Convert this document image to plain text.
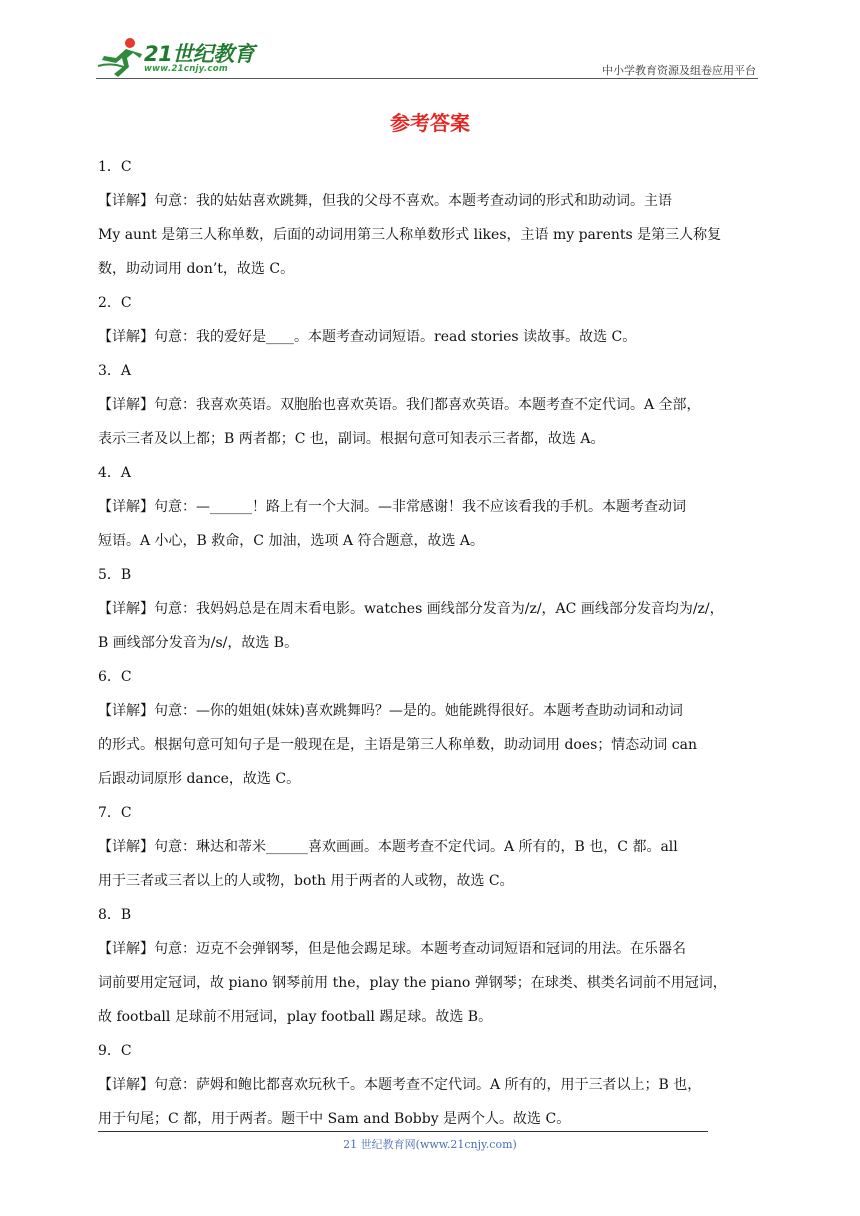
21世纪教育
www.21cnjy.com	中小学教育资源及组卷应用平台
参考答案

1．C

【详解】句意：我的姑姑喜欢跳舞，但我的父母不喜欢。本题考查动词的形式和助动词。主语

My aunt 是第三人称单数，后面的动词用第三人称单数形式 likes，主语 my parents 是第三人称复

数，助动词用 don’t，故选 C。

2．C

【详解】句意：我的爱好是____。本题考查动词短语。read stories 读故事。故选 C。

3．A

【详解】句意：我喜欢英语。双胞胎也喜欢英语。我们都喜欢英语。本题考查不定代词。A 全部，

表示三者及以上都；B 两者都；C 也，副词。根据句意可知表示三者都，故选 A。

4．A

【详解】句意：—______！路上有一个大洞。—非常感谢！我不应该看我的手机。本题考查动词

短语。A 小心，B 救命，C 加油，选项 A 符合题意，故选 A。

5．B

【详解】句意：我妈妈总是在周末看电影。watches 画线部分发音为/z/，AC 画线部分发音均为/z/，

B 画线部分发音为/s/，故选 B。

6．C

【详解】句意：—你的姐姐(妹妹)喜欢跳舞吗？—是的。她能跳得很好。本题考查助动词和动词

的形式。根据句意可知句子是一般现在是，主语是第三人称单数，助动词用 does；情态动词 can

后跟动词原形 dance，故选 C。

7．C

【详解】句意：琳达和蒂米______喜欢画画。本题考查不定代词。A 所有的，B 也，C 都。all

用于三者或三者以上的人或物，both 用于两者的人或物，故选 C。

8．B

【详解】句意：迈克不会弹钢琴，但是他会踢足球。本题考查动词短语和冠词的用法。在乐器名

词前要用定冠词，故 piano 钢琴前用 the，play the piano 弹钢琴；在球类、棋类名词前不用冠词，

故 football 足球前不用冠词，play football 踢足球。故选 B。

9．C

【详解】句意：萨姆和鲍比都喜欢玩秋千。本题考查不定代词。A 所有的，用于三者以上；B 也，

用于句尾；C 都，用于两者。题干中 Sam and Bobby 是两个人。故选 C。

21 世纪教育网(www.21cnjy.com)
